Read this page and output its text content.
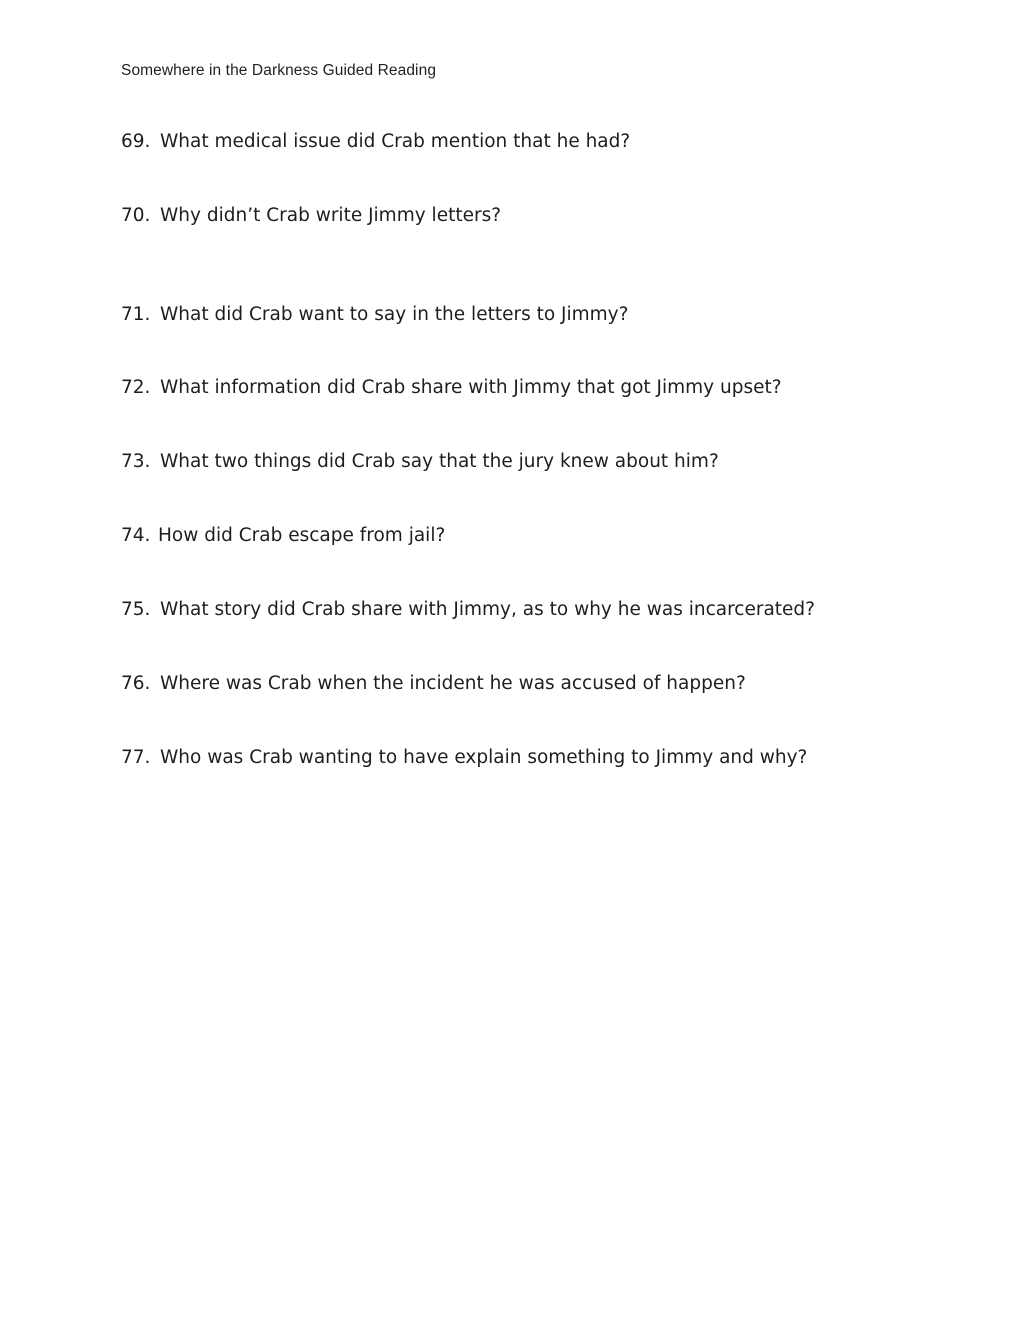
Somewhere in the Darkness Guided Reading
69. What medical issue did Crab mention that he had?
70. Why didn’t Crab write Jimmy letters?
71. What did Crab want to say in the letters to Jimmy?
72. What information did Crab share with Jimmy that got Jimmy upset?
73. What two things did Crab say that the jury knew about him?
74. How did Crab escape from jail?
75. What story did Crab share with Jimmy, as to why he was incarcerated?
76. Where was Crab when the incident he was accused of happen?
77. Who was Crab wanting to have explain something to Jimmy and why?
